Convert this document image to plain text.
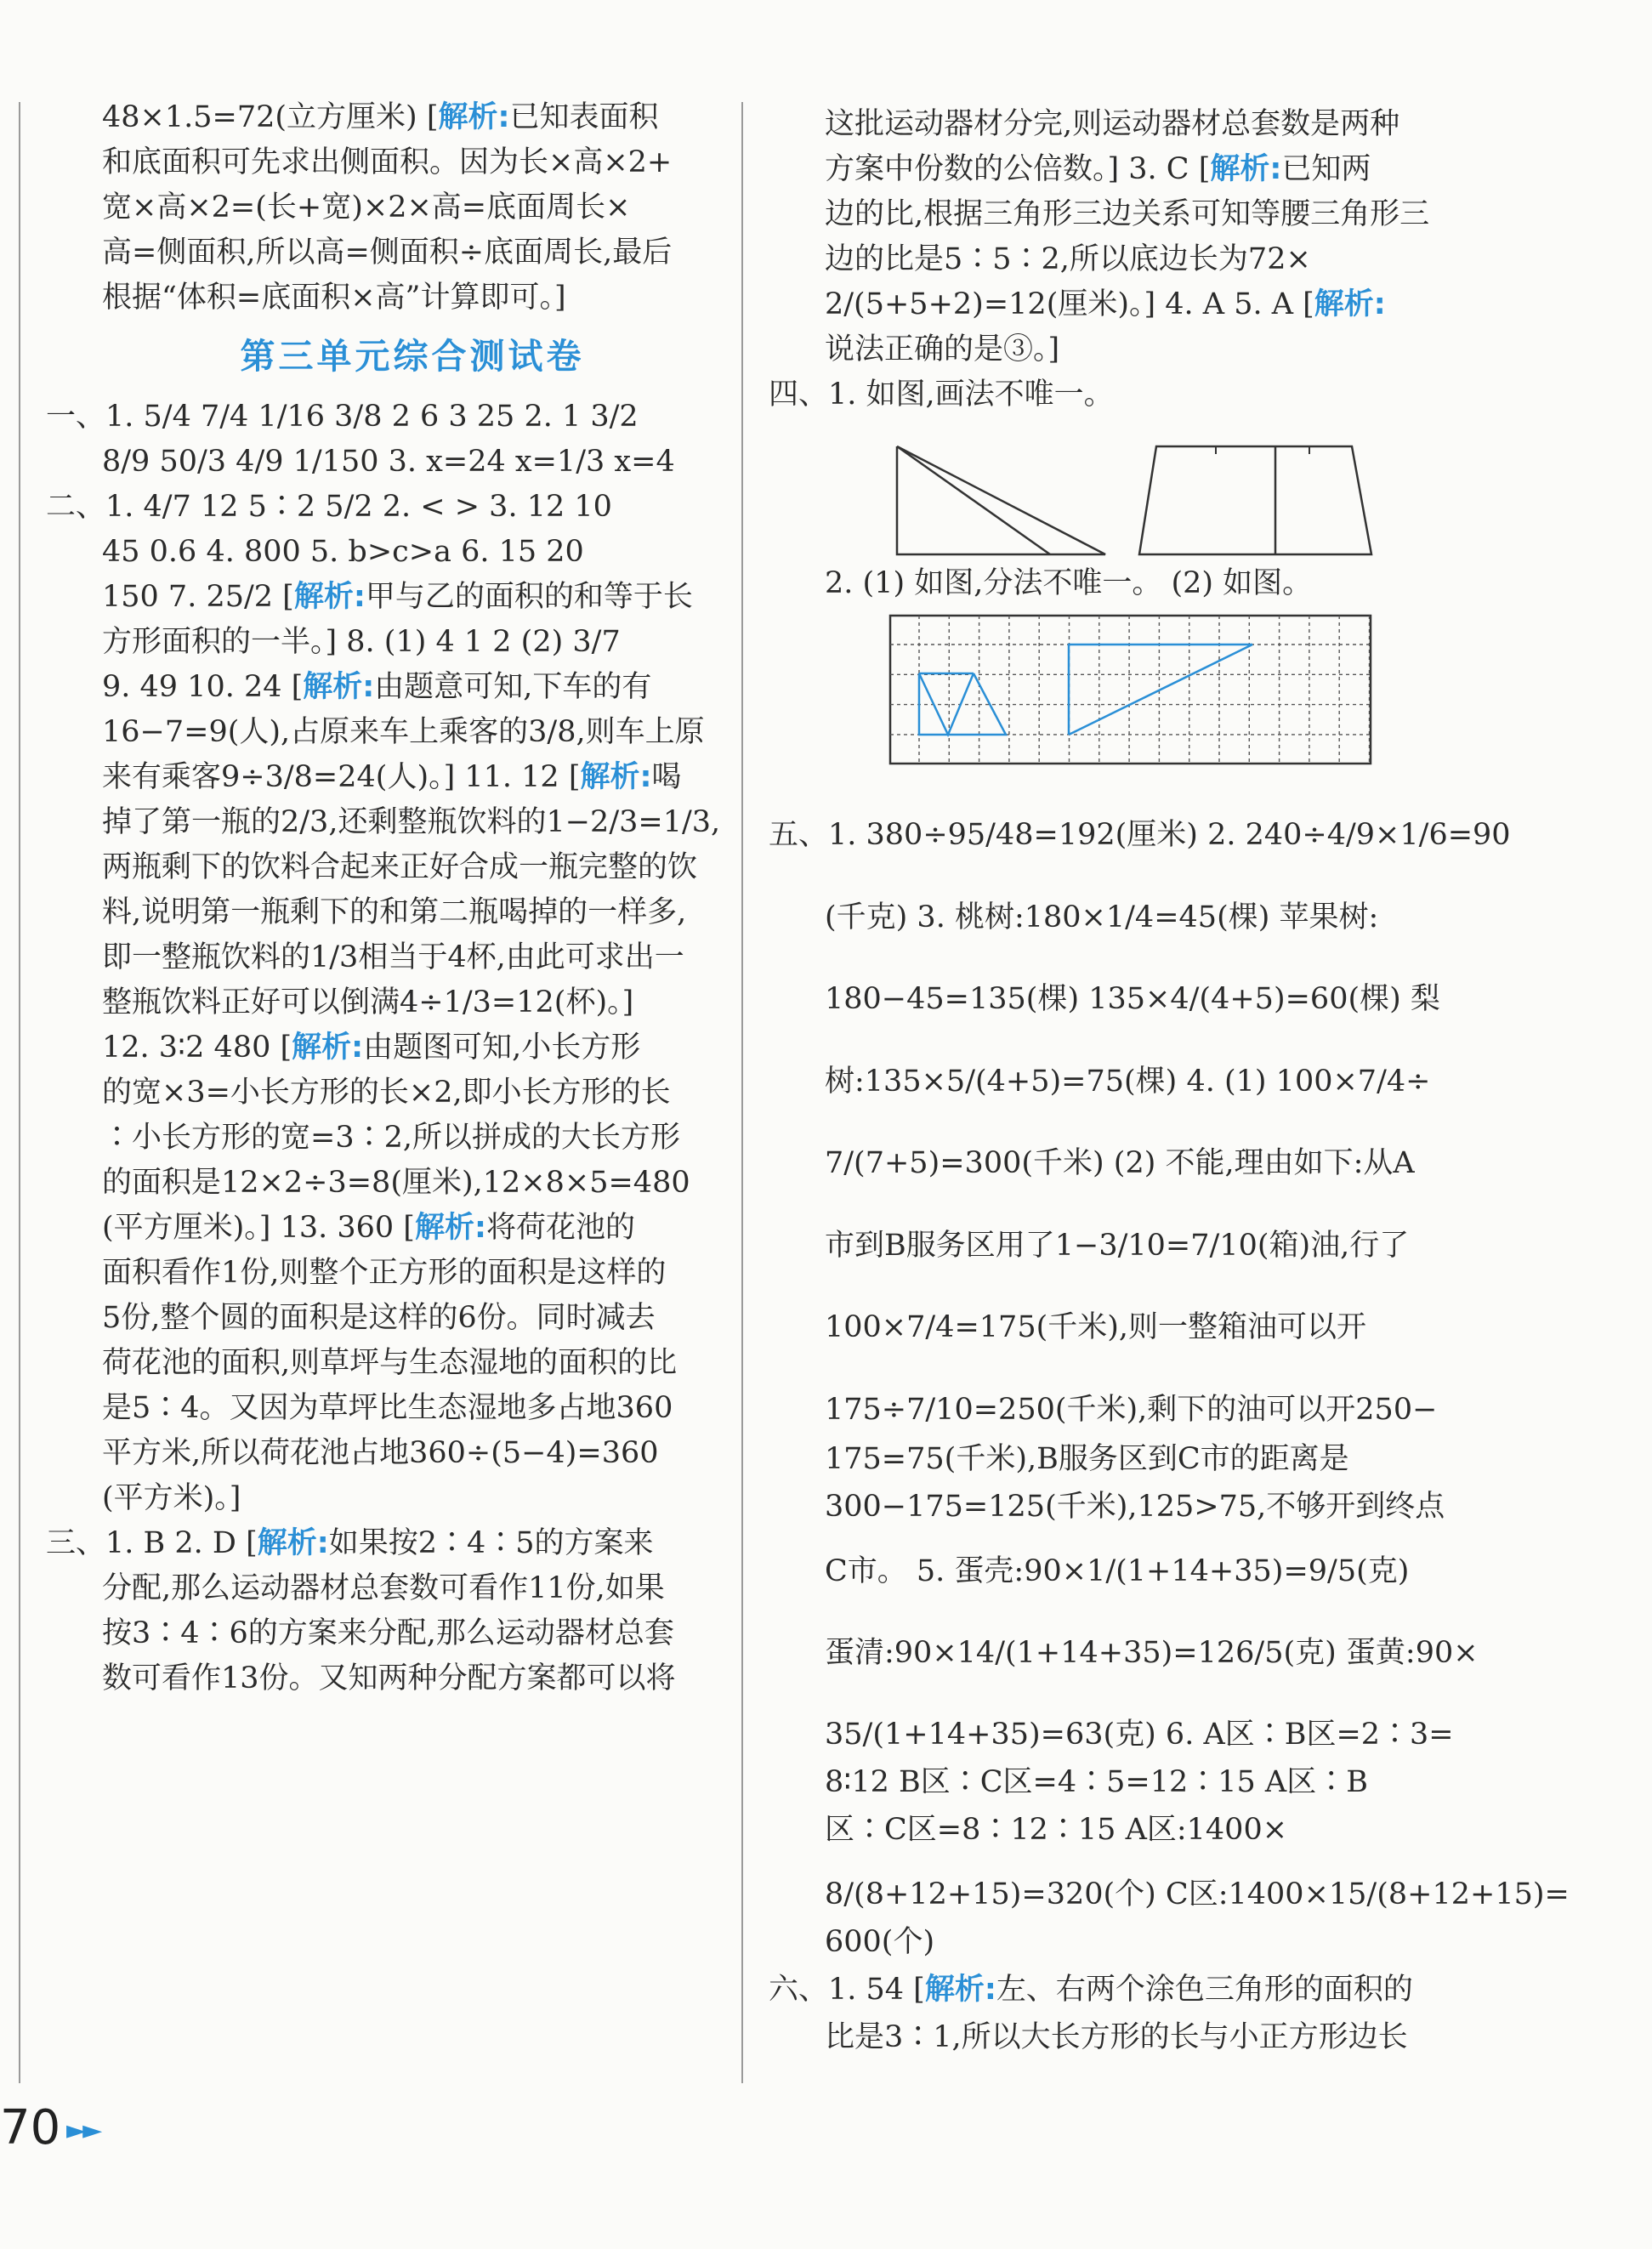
48×1.5=72(立方厘米) [解析:已知表面积
和底面积可先求出侧面积。因为长×高×2+
宽×高×2=(长+宽)×2×高=底面周长×
高=侧面积,所以高=侧面积÷底面周长,最后
根据“体积=底面积×高”计算即可。]
第三单元综合测试卷
一、1. 5/4 7/4 1/16 3/8 2 6 3 25 2. 1 3/2
8/9 50/3 4/9 1/150 3. x=24 x=1/3 x=4
二、1. 4/7 12 5∶2 5/2 2. < > 3. 12 10
45 0.6 4. 800 5. b>c>a 6. 15 20
150 7. 25/2 [解析:甲与乙的面积的和等于长
方形面积的一半。] 8. (1) 4 1 2 (2) 3/7
9. 49 10. 24 [解析:由题意可知,下车的有
16−7=9(人),占原来车上乘客的3/8,则车上原
来有乘客9÷3/8=24(人)。] 11. 12 [解析:喝
掉了第一瓶的2/3,还剩整瓶饮料的1−2/3=1/3,
两瓶剩下的饮料合起来正好合成一瓶完整的饮
料,说明第一瓶剩下的和第二瓶喝掉的一样多,
即一整瓶饮料的1/3相当于4杯,由此可求出一
整瓶饮料正好可以倒满4÷1/3=12(杯)。]
12. 3∶2 480 [解析:由题图可知,小长方形
的宽×3=小长方形的长×2,即小长方形的长
∶小长方形的宽=3∶2,所以拼成的大长方形
的面积是12×2÷3=8(厘米),12×8×5=480
(平方厘米)。] 13. 360 [解析:将荷花池的
面积看作1份,则整个正方形的面积是这样的
5份,整个圆的面积是这样的6份。同时减去
荷花池的面积,则草坪与生态湿地的面积的比
是5∶4。又因为草坪比生态湿地多占地360
平方米,所以荷花池占地360÷(5−4)=360
(平方米)。]
三、1. B 2. D [解析:如果按2∶4∶5的方案来
分配,那么运动器材总套数可看作11份,如果
按3∶4∶6的方案来分配,那么运动器材总套
数可看作13份。又知两种分配方案都可以将
这批运动器材分完,则运动器材总套数是两种
方案中份数的公倍数。] 3. C [解析:已知两
边的比,根据三角形三边关系可知等腰三角形三
边的比是5∶5∶2,所以底边长为72×
2/(5+5+2)=12(厘米)。] 4. A 5. A [解析:
说法正确的是③。]
四、1. 如图,画法不唯一。
2. (1) 如图,分法不唯一。 (2) 如图。
五、1. 380÷95/48=192(厘米) 2. 240÷4/9×1/6=90
(千克) 3. 桃树:180×1/4=45(棵) 苹果树:
180−45=135(棵) 135×4/(4+5)=60(棵) 梨
树:135×5/(4+5)=75(棵) 4. (1) 100×7/4÷
7/(7+5)=300(千米) (2) 不能,理由如下:从A
市到B服务区用了1−3/10=7/10(箱)油,行了
100×7/4=175(千米),则一整箱油可以开
175÷7/10=250(千米),剩下的油可以开250−
175=75(千米),B服务区到C市的距离是
300−175=125(千米),125>75,不够开到终点
C市。 5. 蛋壳:90×1/(1+14+35)=9/5(克)
蛋清:90×14/(1+14+35)=126/5(克) 蛋黄:90×
35/(1+14+35)=63(克) 6. A区∶B区=2∶3=
8∶12 B区∶C区=4∶5=12∶15 A区∶B
区∶C区=8∶12∶15 A区:1400×
8/(8+12+15)=320(个) C区:1400×15/(8+12+15)=
600(个)
六、1. 54 [解析:左、右两个涂色三角形的面积的
比是3∶1,所以大长方形的长与小正方形边长
70 ►►
